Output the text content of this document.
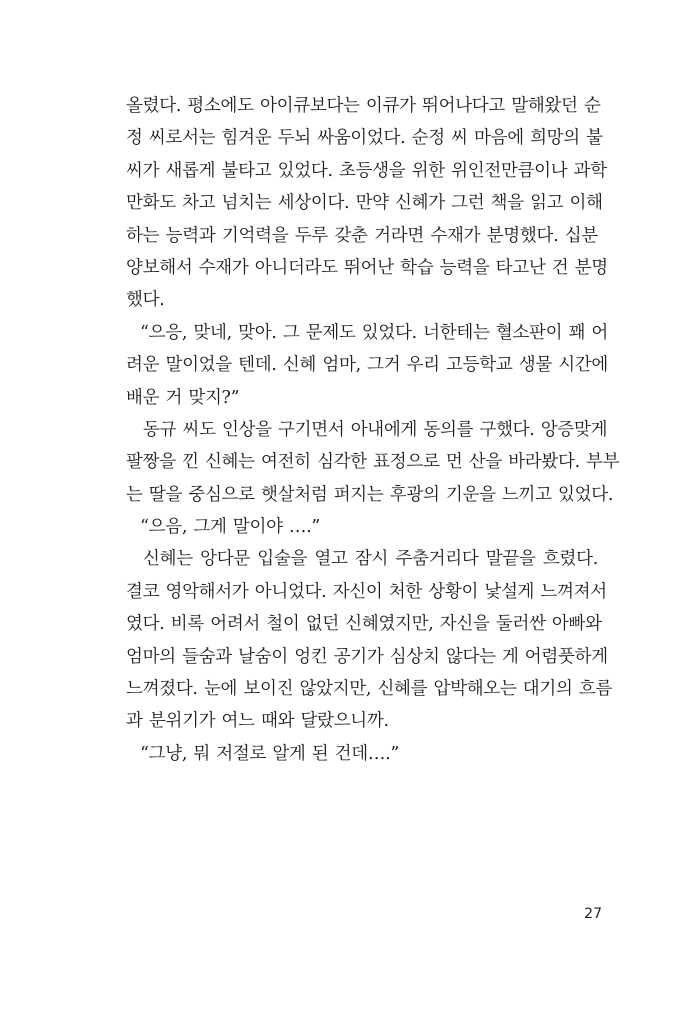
올렸다. 평소에도 아이큐보다는 이큐가 뛰어나다고 말해왔던 순
정 씨로서는 힘겨운 두뇌 싸움이었다. 순정 씨 마음에 희망의 불
씨가 새롭게 불타고 있었다. 초등생을 위한 위인전만큼이나 과학
만화도 차고 넘치는 세상이다. 만약 신혜가 그런 책을 읽고 이해
하는 능력과 기억력을 두루 갖춘 거라면 수재가 분명했다. 십분
양보해서 수재가 아니더라도 뛰어난 학습 능력을 타고난 건 분명
했다.
“으응, 맞네, 맞아. 그 문제도 있었다. 너한테는 혈소판이 꽤 어
려운 말이었을 텐데. 신혜 엄마, 그거 우리 고등학교 생물 시간에
배운 거 맞지?”
동규 씨도 인상을 구기면서 아내에게 동의를 구했다. 앙증맞게
팔짱을 낀 신혜는 여전히 심각한 표정으로 먼 산을 바라봤다. 부부
는 딸을 중심으로 햇살처럼 퍼지는 후광의 기운을 느끼고 있었다.
“으음, 그게 말이야 ….”
신혜는 앙다문 입술을 열고 잠시 주춤거리다 말끝을 흐렸다.
결코 영악해서가 아니었다. 자신이 처한 상황이 낯설게 느껴져서
였다. 비록 어려서 철이 없던 신혜였지만, 자신을 둘러싼 아빠와
엄마의 들숨과 날숨이 엉킨 공기가 심상치 않다는 게 어렴풋하게
느껴졌다. 눈에 보이진 않았지만, 신혜를 압박해오는 대기의 흐름
과 분위기가 여느 때와 달랐으니까.
“그냥, 뭐 저절로 알게 된 건데….”
27
